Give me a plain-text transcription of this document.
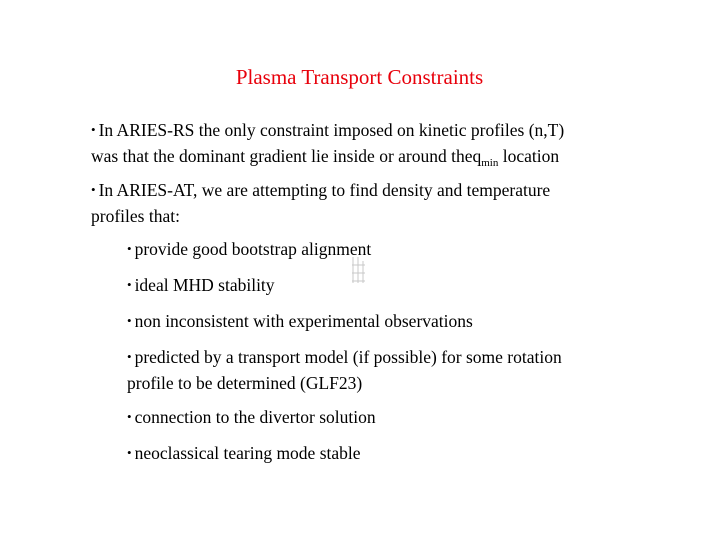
Plasma Transport Constraints
• In ARIES-RS the only constraint imposed on kinetic profiles (n,T)
was that the dominant gradient lie inside or around theq$_{min}$ location
• In ARIES-AT, we are attempting to find density and temperature
profiles that:
• provide good bootstrap alignment
• ideal MHD stability
• non inconsistent with experimental observations
• predicted by a transport model (if possible) for some rotation
profile to be determined (GLF23)
• connection to the divertor solution
• neoclassical tearing mode stable
